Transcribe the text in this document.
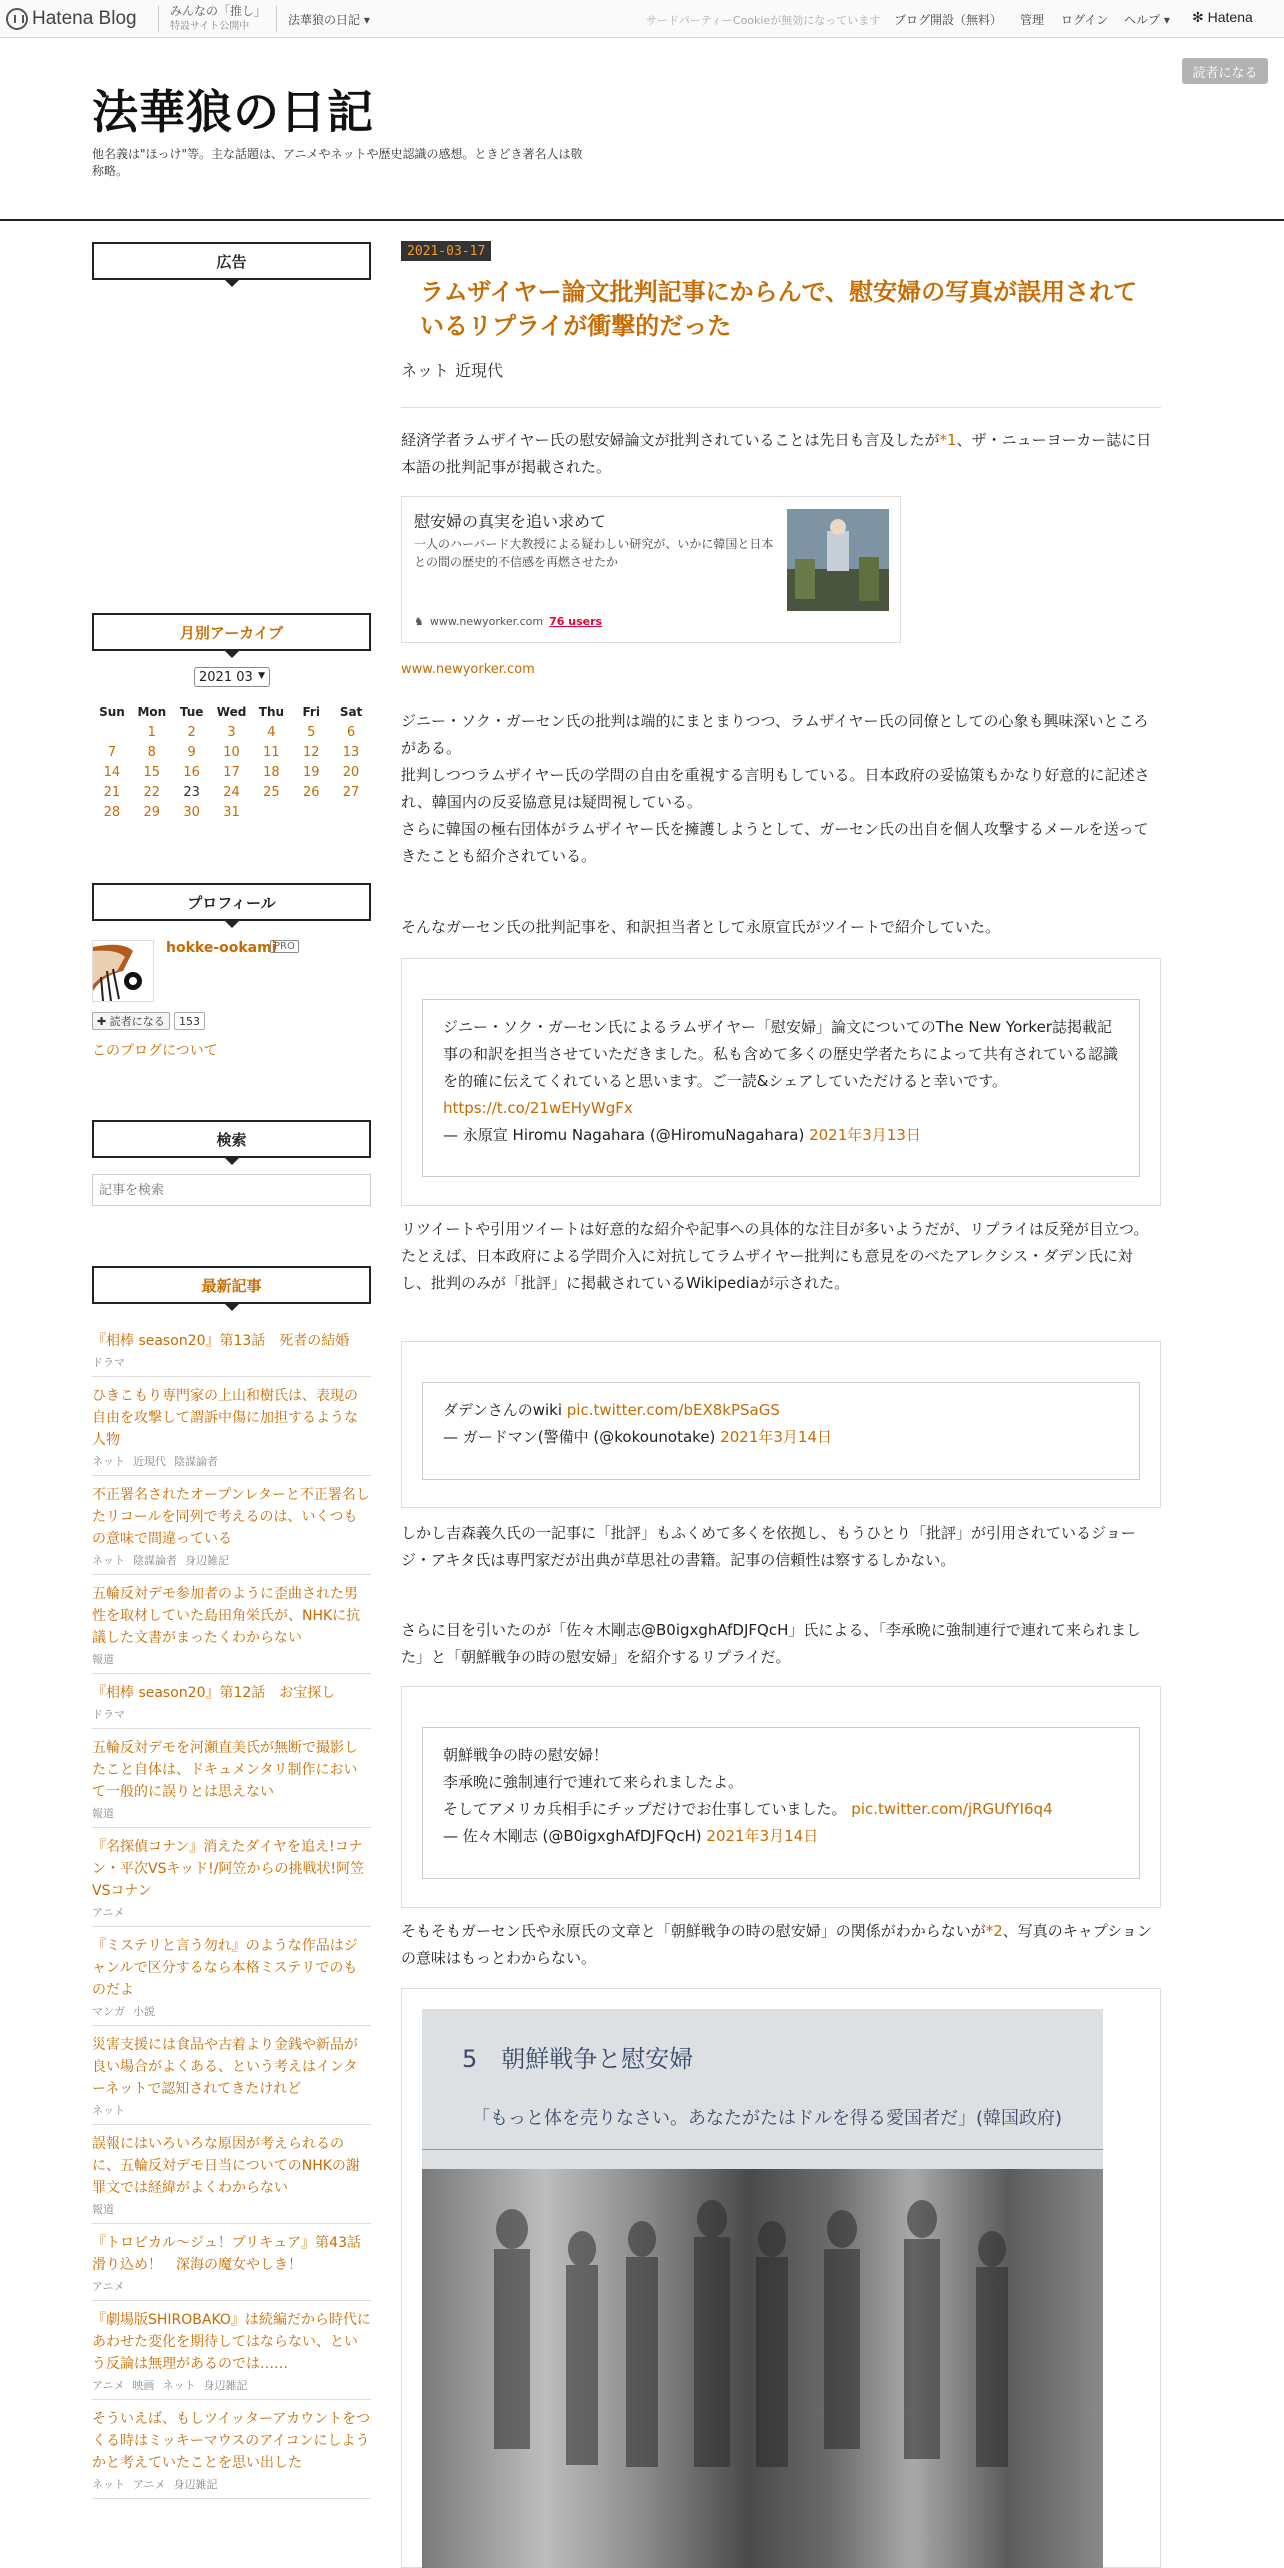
Hatena Blog	みんなの「推し」
特設サイト公開中	法華狼の日記 ▾	サードパーティーCookieが無効になっています ブログ開設（無料） 管理 ログイン ヘルプ ▾ ✻ Hatena
読者になる
法華狼の日記
他名義は"ほっけ"等。主な話題は、アニメやネットや歴史認識の感想。ときどき著名人は敬称略。
広告
月別アーカイブ
2021 03 ▼
Sun	Mon	Tue	Wed	Thu	Fri	Sat
	1	2	3	4	5	6
7	8	9	10	11	12	13
14	15	16	17	18	19	20
21	22	23	24	25	26	27
28	29	30	31			
プロフィール
hokke-ookami
PRO
✚ 読者になる	153
このブログについて
検索
記事を検索
最新記事
『相棒 season20』第13話　死者の結婚
ドラマ
ひきこもり専門家の上山和樹氏は、表現の自由を攻撃して謂訴中傷に加担するような人物
ネット 近現代 陰謀論者
不正署名されたオープンレターと不正署名したリコールを同列で考えるのは、いくつもの意味で間違っている
ネット 陰謀論者 身辺雑記
五輪反対デモ参加者のように歪曲された男性を取材していた島田角栄氏が、NHKに抗議した文書がまったくわからない
報道
『相棒 season20』第12話　お宝探し
ドラマ
五輪反対デモを河瀬直美氏が無断で撮影したこと自体は、ドキュメンタリ制作において一般的に誤りとは思えない
報道
『名探偵コナン』消えたダイヤを追え!コナン・平次VSキッド!/阿笠からの挑戦状!阿笠VSコナン
アニメ
『ミステリと言う勿れ』のような作品はジャンルで区分するなら本格ミステリでのものだよ
マンガ 小説
災害支援には食品や古着より金銭や新品が良い場合がよくある、という考えはインターネットで認知されてきたけれど
ネット
誤報にはいろいろな原因が考えられるのに、五輪反対デモ日当についてのNHKの謝罪文では経緯がよくわからない
報道
『トロピカル～ジュ！プリキュア』第43話　滑り込め！　深海の魔女やしき！
アニメ
『劇場版SHIROBAKO』は続編だから時代にあわせた変化を期待してはならない、という反論は無理があるのでは……
アニメ 映画 ネット 身辺雑記
そういえば、もしツイッターアカウントをつくる時はミッキーマウスのアイコンにしようかと考えていたことを思い出した
ネット アニメ 身辺雑記
2021-03-17
ラムザイヤー論文批判記事にからんで、慰安婦の写真が誤用されているリプライが衝撃的だった
ネット 近現代
経済学者ラムザイヤー氏の慰安婦論文が批判されていることは先日も言及したが*1、ザ・ニューヨーカー誌に日本語の批判記事が掲載された。
慰安婦の真実を追い求めて
一人のハーバード大教授による疑わしい研究が、いかに韓国と日本との間の歴史的不信感を再燃させたか
♞ www.newyorker.com 76 users
www.newyorker.com
ジニー・ソク・ガーセン氏の批判は端的にまとまりつつ、ラムザイヤー氏の同僚としての心象も興味深いところがある。
批判しつつラムザイヤー氏の学問の自由を重視する言明もしている。日本政府の妥協策もかなり好意的に記述され、韓国内の反妥協意見は疑問視している。
さらに韓国の極右団体がラムザイヤー氏を擁護しようとして、ガーセン氏の出自を個人攻撃するメールを送ってきたことも紹介されている。
そんなガーセン氏の批判記事を、和訳担当者として永原宣氏がツイートで紹介していた。
ジニー・ソク・ガーセン氏によるラムザイヤー「慰安婦」論文についてのThe New Yorker誌掲載記事の和訳を担当させていただきました。私も含めて多くの歴史学者たちによって共有されている認識を的確に伝えてくれていると思います。ご一読&シェアしていただけると幸いです。 https://t.co/21wEHyWgFx
— 永原宣 Hiromu Nagahara (@HiromuNagahara) 2021年3月13日
リツイートや引用ツイートは好意的な紹介や記事への具体的な注目が多いようだが、リプライは反発が目立つ。
たとえば、日本政府による学問介入に対抗してラムザイヤー批判にも意見をのべたアレクシス・ダデン氏に対し、批判のみが「批評」に掲載されているWikipediaが示された。
ダデンさんのwiki pic.twitter.com/bEX8kPSaGS
— ガードマン(警備中 (@kokounotake) 2021年3月14日
しかし吉森義久氏の一記事に「批評」もふくめて多くを依拠し、もうひとり「批評」が引用されているジョージ・アキタ氏は専門家だが出典が草思社の書籍。記事の信頼性は察するしかない。
さらに目を引いたのが「佐々木剛志@B0igxghAfDJFQcH」氏による、「李承晩に強制連行で連れて来られました」と「朝鮮戦争の時の慰安婦」を紹介するリプライだ。
朝鮮戦争の時の慰安婦！
李承晩に強制連行で連れて来られましたよ。
そしてアメリカ兵相手にチップだけでお仕事していました。 pic.twitter.com/jRGUfYI6q4
— 佐々木剛志 (@B0igxghAfDJFQcH) 2021年3月14日
そもそもガーセン氏や永原氏の文章と「朝鮮戦争の時の慰安婦」の関係がわからないが*2、写真のキャプションの意味はもっとわからない。
5　朝鮮戦争と慰安婦
「もっと体を売りなさい。あなたがたはドルを得る愛国者だ」(韓国政府)
